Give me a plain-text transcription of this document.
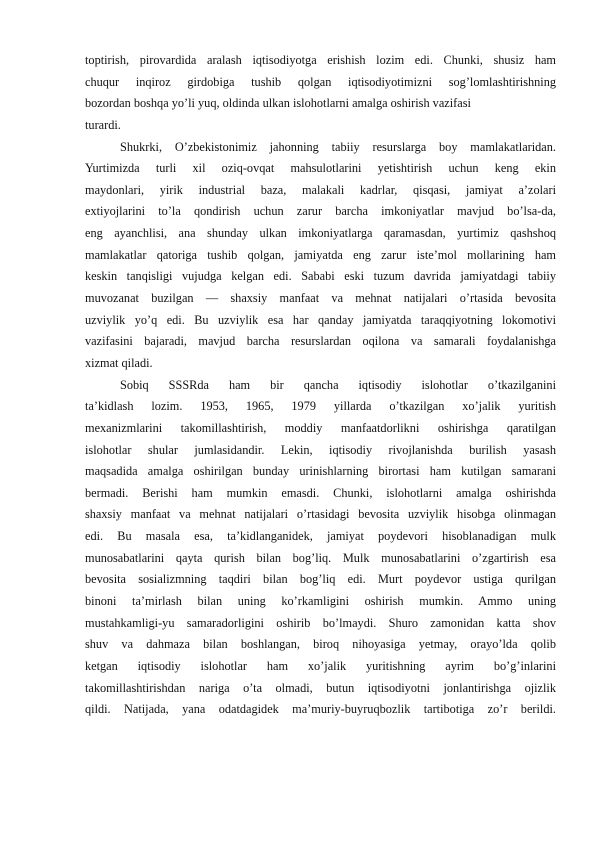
toptirish, pirovardida aralash iqtisodiyotga erishish lozim edi. Chunki, shusiz ham
chuqur inqiroz girdobiga tushib qolgan iqtisodiyotimizni sog’lomlashtirishning
bozordan boshqa yo’li yuq, oldinda ulkan islohotlarni amalga oshirish vazifasi
turardi.
Shukrki, O’zbekistonimiz jahonning tabiiy resurslarga boy mamlakatlaridan.
Yurtimizda turli xil oziq-ovqat mahsulotlarini yetishtirish uchun keng ekin
maydonlari, yirik industrial baza, malakali kadrlar, qisqasi, jamiyat a’zolari
extiyojlarini to’la qondirish uchun zarur barcha imkoniyatlar mavjud bo’lsa-da,
eng ayanchlisi, ana shunday ulkan imkoniyatlarga qaramasdan, yurtimiz qashshoq
mamlakatlar qatoriga tushib qolgan, jamiyatda eng zarur iste’mol mollarining ham
keskin tanqisligi vujudga kelgan edi. Sababi eski tuzum davrida jamiyatdagi tabiiy
muvozanat buzilgan — shaxsiy manfaat va mehnat natijalari o’rtasida bevosita
uzviylik yo’q edi. Bu uzviylik esa har qanday jamiyatda taraqqiyotning lokomotivi
vazifasini bajaradi, mavjud barcha resurslardan oqilona va samarali foydalanishga
xizmat qiladi.
Sobiq SSSRda ham bir qancha iqtisodiy islohotlar o’tkazilganini
ta’kidlash lozim. 1953, 1965, 1979 yillarda o’tkazilgan xo’jalik yuritish
mexanizmlarini takomillashtirish, moddiy manfaatdorlikni oshirishga qaratilgan
islohotlar shular jumlasidandir. Lekin, iqtisodiy rivojlanishda burilish yasash
maqsadida amalga oshirilgan bunday urinishlarning birortasi ham kutilgan samarani
bermadi. Berishi ham mumkin emasdi. Chunki, islohotlarni amalga oshirishda
shaxsiy manfaat va mehnat natijalari o’rtasidagi bevosita uzviylik hisobga olinmagan
edi. Bu masala esa, ta’kidlanganidek, jamiyat poydevori hisoblanadigan mulk
munosabatlarini qayta qurish bilan bog’liq. Mulk munosabatlarini o’zgartirish esa
bevosita sosializmning taqdiri bilan bog’liq edi. Murt poydevor ustiga qurilgan
binoni ta’mirlash bilan uning ko’rkamligini oshirish mumkin. Ammo uning
mustahkamligi-yu samaradorligini oshirib bo’lmaydi. Shuro zamonidan katta shov
shuv va dahmaza bilan boshlangan, biroq nihoyasiga yetmay, orayo’lda qolib
ketgan iqtisodiy islohotlar ham xo’jalik yuritishning ayrim bo’g’inlarini
takomillashtirishdan nariga o’ta olmadi, butun iqtisodiyotni jonlantirishga ojizlik
qildi. Natijada, yana odatdagidek ma’muriy-buyruqbozlik tartibotiga zo’r berildi.
